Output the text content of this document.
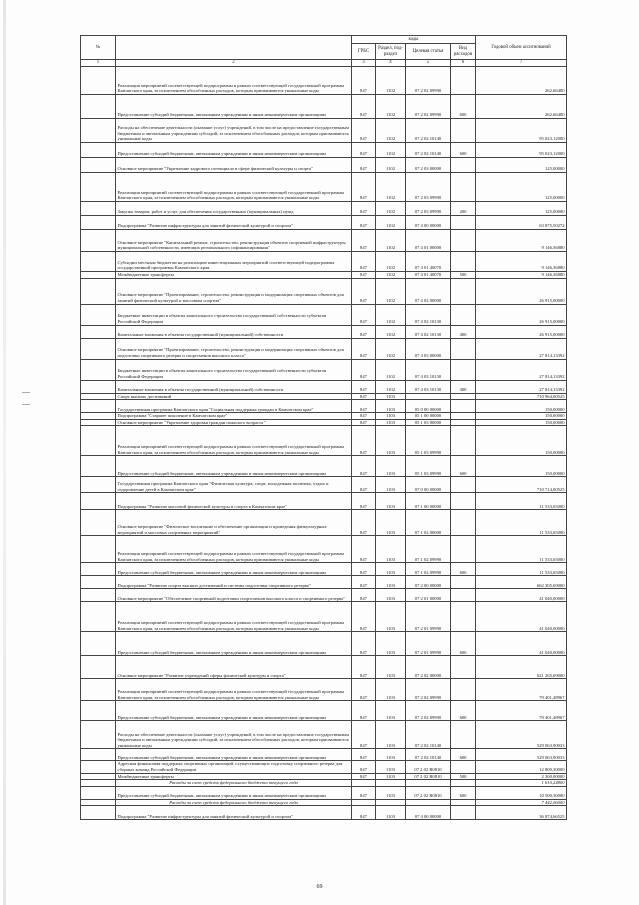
№		коды				Годовой объем ассигнований
		ГРБС	Раздел, под-раздел	Целевая статья	Вид расходов	
1	2	3	4	5	6	7
	Реализация мероприятий соответствующей подпрограммы в рамках соответствующей государственной программы Камчатского края, за исключением обособленных расходов, которым присваиваются уникальные коды	847	1102	07 2 02 09990		262,66400
	Предоставление субсидий бюджетным, автономным учреждениям и иным некоммерческим организациям	847	1102	07 2 02 09990	600	262,66400
	Расходы на обеспечение деятельности (оказание услуг) учреждений, в том числе на предоставление государственным бюджетным и автономным учреждениям субсидий, за исключением обособленных расходов, которым присваиваются уникальные коды	847	1102	07 2 02 10140		95 023,12000
	Предоставление субсидий бюджетным, автономным учреждениям и иным некоммерческим организациям	847	1102	07 2 02 10140	600	95 023,12000
	Основное мероприятие "Укрепление кадрового потенциала в сфере физической культуры и спорта"	847	1102	07 2 03 00000		125,00000
	Реализация мероприятий соответствующей подпрограммы в рамках соответствующей государственной программы Камчатского края, за исключением обособленных расходов, которым присваиваются уникальные коды	847	1102	07 2 03 09990		125,00000
	Закупка товаров, работ и услуг для обеспечения государственных (муниципальных) нужд	847	1102	07 2 03 09990	200	125,00000
	Подпрограмма "Развитие инфраструктуры для занятий физической культурой и спортом"	847	1102	07 4 00 00000		63 875,50272
	Основное мероприятие "Капитальный ремонт, строительство, реконструкция объектов спортивной инфраструктуры муниципальной собственности, имеющих регионального софинансирования"	847	1102	07 4 01 00000		9 146,36880
	Субсидии местным бюджетам на реализацию инвестиционных мероприятий соответствующей подпрограммы государственной программы Камчатского края	847	1102	07 4 01 40070		9 146,36880
	Межбюджетные трансферты	847	1102	07 4 01 40070	500	9 146,36880
	Основное мероприятие "Проектирование, строительство, реконструкция и модернизация спортивных объектов для занятий физической культурой и массовым спортом"	847	1102	07 4 02 00000		26 915,00000
	Бюджетные инвестиции в объекты капитального строительства государственной собственности субъектов Российской Федерации	847	1102	07 4 02 10130		26 915,00000
	Капитальные вложения в объекты государственной (муниципальной) собственности	847	1102	07 4 02 10130	400	26 915,00000
	Основное мероприятие "Проектирование, строительство, реконструкция и модернизация спортивных объектов для подготовки спортивного резерва и спортсменов высокого класса"	847	1102	07 4 03 00000		27 814,13392
	Бюджетные инвестиции в объекты капитального строительства государственной собственности субъектов Российской Федерации	847	1102	07 4 03 10130		27 814,13392
	Капитальные вложения в объекты государственной (муниципальной) собственности	847	1102	07 4 03 10130	400	27 814,13392
	Спорт высших достижений	847	1103			710 964,00525
	Государственная программа Камчатского края "Социальная поддержка граждан в Камчатском крае"	847	1103	05 0 00 00000		150,00000
	Подпрограмма "Старшее поколение в Камчатском крае"	847	1103	05 1 00 00000		150,00000
	Основное мероприятие "Укрепление здоровья граждан пожилого возраста "	847	1103	05 1 03 00000		150,00000
	Реализация мероприятий соответствующей подпрограммы в рамках соответствующей государственной программы Камчатского края, за исключением обособленных расходов, которым присваиваются уникальные коды	847	1103	05 1 03 09990		150,00000
	Предоставление субсидий бюджетным, автономным учреждениям и иным некоммерческим организациям	847	1103	05 1 03 09990	600	150,00000
	Государственная программа Камчатского края "Физическая культура, спорт, молодежная политика, отдых и оздоровление детей в Камчатском крае"	847	1103	07 0 00 00000		710 714,00525
	Подпрограмма "Развитие массовой физической культуры и спорта в Камчатском крае"	847	1103	07 1 00 00000		11 533,65000
	Основное мероприятие "Физическое воспитание и обеспечение организации и проведения физкультурных мероприятий и массовых спортивных мероприятий"	847	1103	07 1 02 00000		11 533,65000
	Реализация мероприятий соответствующей подпрограммы в рамках соответствующей государственной программы Камчатского края, за исключением обособленных расходов, которым присваиваются уникальные коды	847	1103	07 1 02 09990		11 533,65000
	Предоставление субсидий бюджетным, автономным учреждениям и иным некоммерческим организациям	847	1103	07 1 02 09990	600	11 533,65000
	Подпрограмма "Развитие спорта высших достижений и системы подготовки спортивного резерва"	847	1103	07 2 00 00000		662 305,69000
	Основное мероприятие "Обеспечение спортивной подготовки спортсменов высокого класса и спортивного резерва"	847	1103	07 2 01 00000		41 040,00000
	Реализация мероприятий соответствующей подпрограммы в рамках соответствующей государственной программы Камчатского края, за исключением обособленных расходов, которым присваиваются уникальные коды	847	1103	07 2 01 09990		41 040,00000
	Предоставление субсидий бюджетным, автономным учреждениям и иным некоммерческим организациям	847	1103	07 2 01 09990	600	41 040,00000
	Основное мероприятие "Развитие учреждений сферы физической культуры и спорта"	847	1103	07 2 02 00000		621 265,69000
	Реализация мероприятий соответствующей подпрограммы в рамках соответствующей государственной программы Камчатского края, за исключением обособленных расходов, которым присваиваются уникальные коды	847	1103	07 2 02 09990		79 401,48967
	Предоставление субсидий бюджетным, автономным учреждениям и иным некоммерческим организациям	847	1103	07 2 02 09990	600	79 401,48967
	Расходы на обеспечение деятельности (оказание услуг) учреждений, в том числе на предоставление государственным бюджетным и автономным учреждениям субсидий, за исключением обособленных расходов, которым присваиваются уникальные коды	847	1103	07 2 02 10140		529 063,90033
	Предоставление субсидий бюджетным, автономным учреждениям и иным некоммерческим организациям	847	1103	07 2 02 10140	600	529 063,90033
	Адресная финансовая поддержка спортивных организаций, осуществляющих подготовку спортивного резерва для сборных команд Российской Федерации	847	1103	07 2 02 R0810		12 800,30000
	Межбюджетные трансферты	847	1103	07 2 02 R0810	500	2 300,00000
	Расходы за счет средств федерального бюджета текущего года					1 610,24800
	Предоставление субсидий бюджетным, автономным учреждениям и иным некоммерческим организациям	847	1103	07 2 02 R0810	600	10 500,30000
	Расходы за счет средств федерального бюджета текущего года					7 442,06000
	Подпрограмма "Развитие инфраструктуры для занятий физической культурой и спортом"	847	1103	07 4 00 00000		36 874,66525
69
